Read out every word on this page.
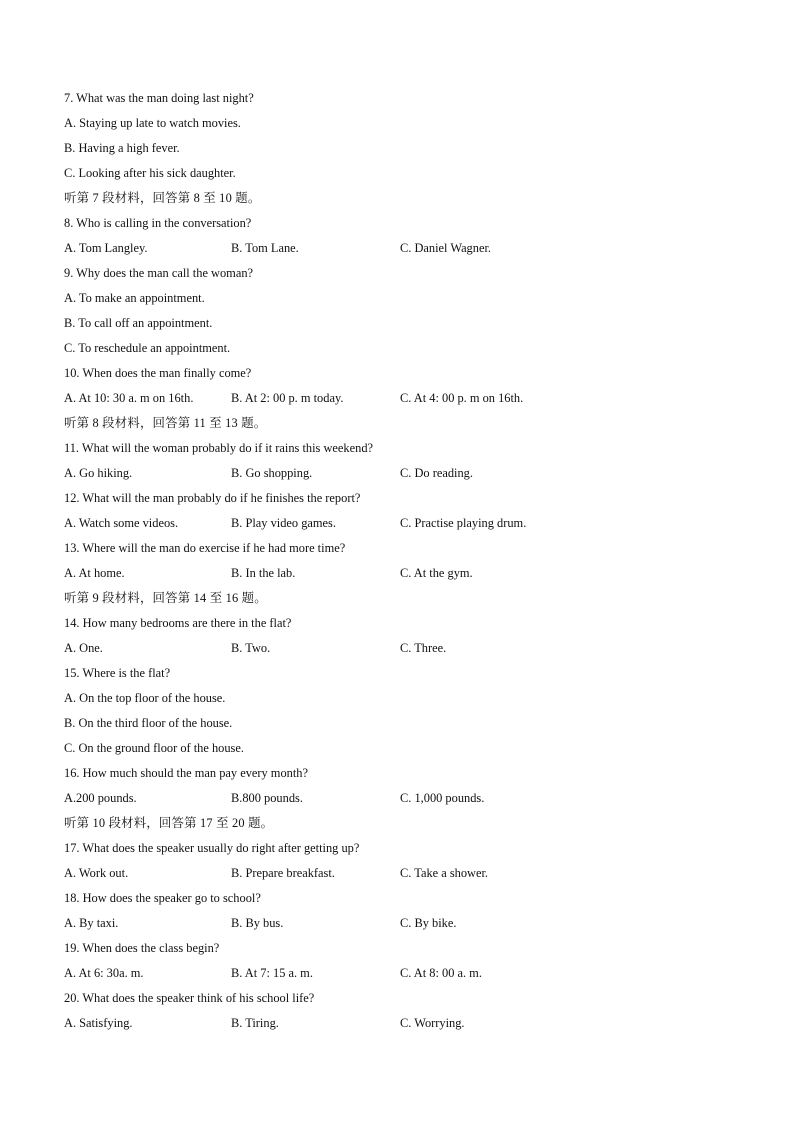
7. What was the man doing last night?
A. Staying up late to watch movies.
B. Having a high fever.
C. Looking after his sick daughter.
听第 7 段材料，回答第 8 至 10 题。
8. Who is calling in the conversation?
A. Tom Langley.	B. Tom Lane.	C. Daniel Wagner.
9. Why does the man call the woman?
A. To make an appointment.
B. To call off an appointment.
C. To reschedule an appointment.
10. When does the man finally come?
A. At 10: 30 a. m on 16th.	B. At 2: 00 p. m today.	C. At 4: 00 p. m on 16th.
听第 8 段材料，回答第 11 至 13 题。
11. What will the woman probably do if it rains this weekend?
A. Go hiking.	B. Go shopping.	C. Do reading.
12. What will the man probably do if he finishes the report?
A. Watch some videos.	B. Play video games.	C. Practise playing drum.
13. Where will the man do exercise if he had more time?
A. At home.	B. In the lab.	C. At the gym.
听第 9 段材料，回答第 14 至 16 题。
14. How many bedrooms are there in the flat?
A. One.	B. Two.	C. Three.
15. Where is the flat?
A. On the top floor of the house.
B. On the third floor of the house.
C. On the ground floor of the house.
16. How much should the man pay every month?
A.200 pounds.	B.800 pounds.	C. 1,000 pounds.
听第 10 段材料，回答第 17 至 20 题。
17. What does the speaker usually do right after getting up?
A. Work out.	B. Prepare breakfast.	C. Take a shower.
18. How does the speaker go to school?
A. By taxi.	B. By bus.	C. By bike.
19. When does the class begin?
A. At 6: 30a. m.	B. At 7: 15 a. m.	C. At 8: 00 a. m.
20. What does the speaker think of his school life?
A. Satisfying.	B. Tiring.	C. Worrying.
